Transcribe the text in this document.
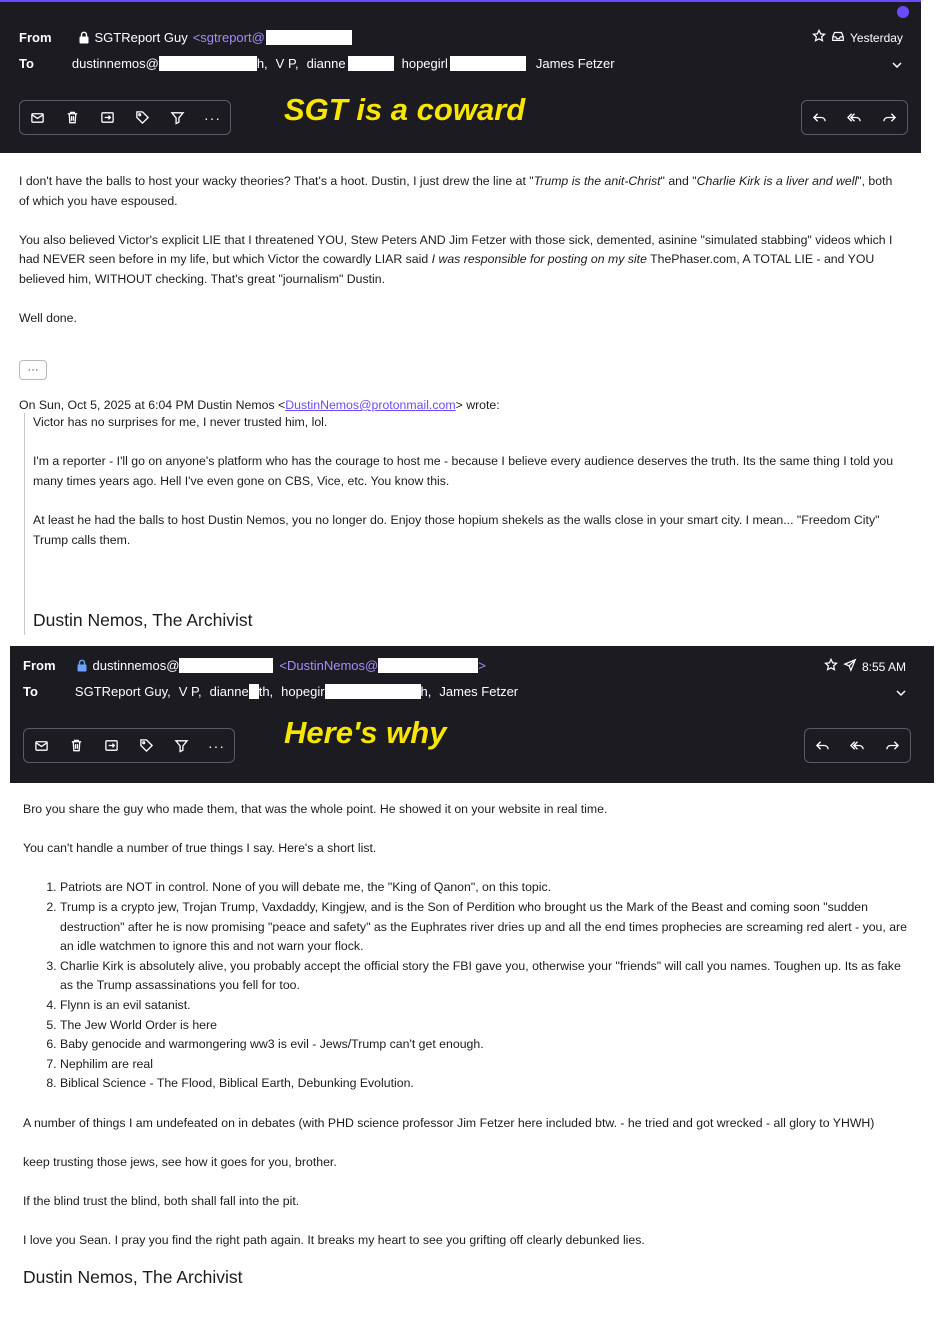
From	SGTReport Guy <sgtreport@
To	dustinnemos@	h, V P, dianne	hopegirl	James Fetzer
Yesterday
··· SGT is a coward

I don't have the balls to host your wacky theories? That's a hoot. Dustin, I just drew the line at "Trump is the anit-Christ" and "Charlie Kirk is a liver and well", both of which you have espoused.

You also believed Victor's explicit LIE that I threatened YOU, Stew Peters AND Jim Fetzer with those sick, demented, asinine "simulated stabbing" videos which I had NEVER seen before in my life, but which Victor the cowardly LIAR said I was responsible for posting on my site ThePhaser.com, A TOTAL LIE - and YOU believed him, WITHOUT checking. That's great "journalism" Dustin.

Well done.

···
On Sun, Oct 5, 2025 at 6:04 PM Dustin Nemos <DustinNemos@protonmail.com> wrote:

Victor has no surprises for me, I never trusted him, lol.

I'm a reporter - I'll go on anyone's platform who has the courage to host me - because I believe every audience deserves the truth. Its the same thing I told you many times years ago. Hell I've even gone on CBS, Vice, etc. You know this.

At least he had the balls to host Dustin Nemos, you no longer do. Enjoy those hopium shekels as the walls close in your smart city. I mean... "Freedom City" Trump calls them.

Dustin Nemos, The Archivist
From	dustinnemos@	<DustinNemos@	>
To	SGTReport Guy, V P, dianne th, hopegir	h, James Fetzer
8:55 AM
··· Here's why

Bro you share the guy who made them, that was the whole point. He showed it on your website in real time.

You can't handle a number of true things I say. Here's a short list.

1. Patriots are NOT in control. None of you will debate me, the "King of Qanon", on this topic.
2. Trump is a crypto jew, Trojan Trump, Vaxdaddy, Kingjew, and is the Son of Perdition who brought us the Mark of the Beast and coming soon "sudden destruction" after he is now promising "peace and safety" as the Euphrates river dries up and all the end times prophecies are screaming red alert - you, are an idle watchmen to ignore this and not warn your flock.
3. Charlie Kirk is absolutely alive, you probably accept the official story the FBI gave you, otherwise your "friends" will call you names. Toughen up. Its as fake as the Trump assassinations you fell for too.
4. Flynn is an evil satanist.
5. The Jew World Order is here
6. Baby genocide and warmongering ww3 is evil - Jews/Trump can't get enough.
7. Nephilim are real
8. Biblical Science - The Flood, Biblical Earth, Debunking Evolution.

A number of things I am undefeated on in debates (with PHD science professor Jim Fetzer here included btw. - he tried and got wrecked - all glory to YHWH)

keep trusting those jews, see how it goes for you, brother.

If the blind trust the blind, both shall fall into the pit.

I love you Sean. I pray you find the right path again. It breaks my heart to see you grifting off clearly debunked lies.

Dustin Nemos, The Archivist
